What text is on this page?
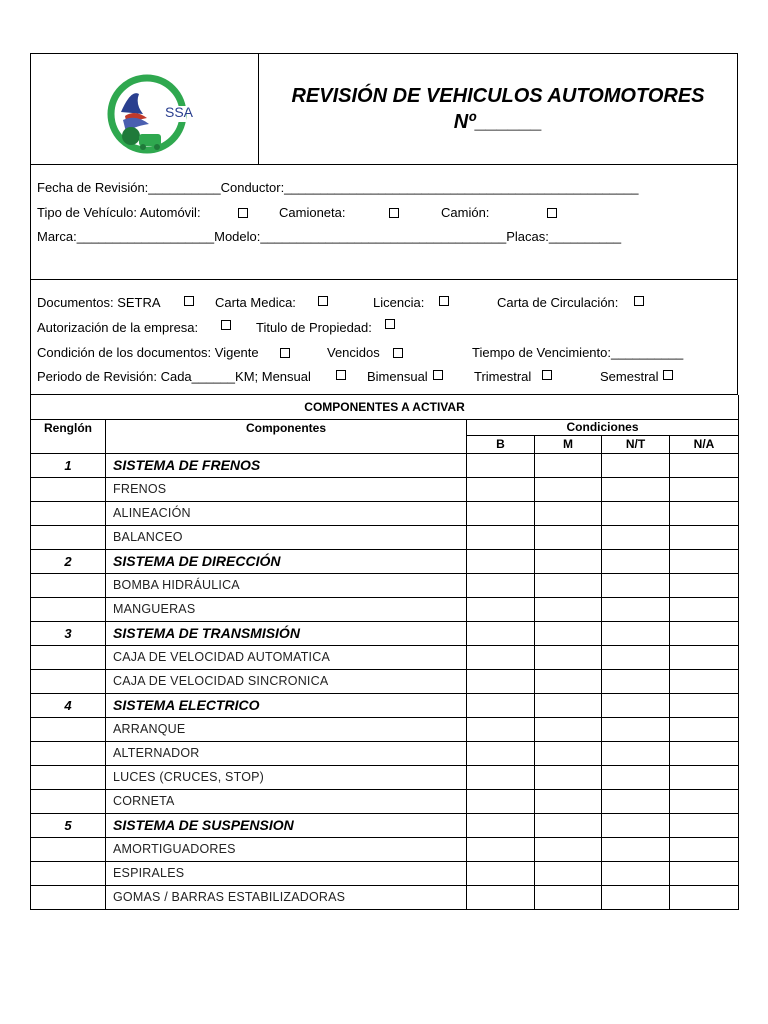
SSA
REVISIÓN DE VEHICULOS AUTOMOTORES
Nº______
Fecha de Revisión:__________Conductor:_________________________________________________
Tipo de Vehículo: Automóvil:	Camioneta:	Camión:
Marca:___________________Modelo:__________________________________Placas:__________
Documentos: SETRA	Carta Medica:	Licencia:	Carta de Circulación:
Autorización de la empresa:	Titulo de Propiedad:
Condición de los documentos: Vigente	Vencidos	Tiempo de Vencimiento:__________
Periodo de Revisión: Cada______KM; Mensual	Bimensual	Trimestral	Semestral
COMPONENTES A ACTIVAR					
Renglón	Componentes	Condiciones			
		B	M	N/T	N/A
1	SISTEMA DE FRENOS				
	FRENOS				
	ALINEACIÓN				
	BALANCEO				
2	SISTEMA DE DIRECCIÓN				
	BOMBA HIDRÁULICA				
	MANGUERAS				
3	SISTEMA DE TRANSMISIÓN				
	CAJA DE VELOCIDAD AUTOMATICA				
	CAJA DE VELOCIDAD SINCRONICA				
4	SISTEMA ELECTRICO				
	ARRANQUE				
	ALTERNADOR				
	LUCES (CRUCES, STOP)				
	CORNETA				
5	SISTEMA DE SUSPENSION				
	AMORTIGUADORES				
	ESPIRALES				
	GOMAS / BARRAS ESTABILIZADORAS				
